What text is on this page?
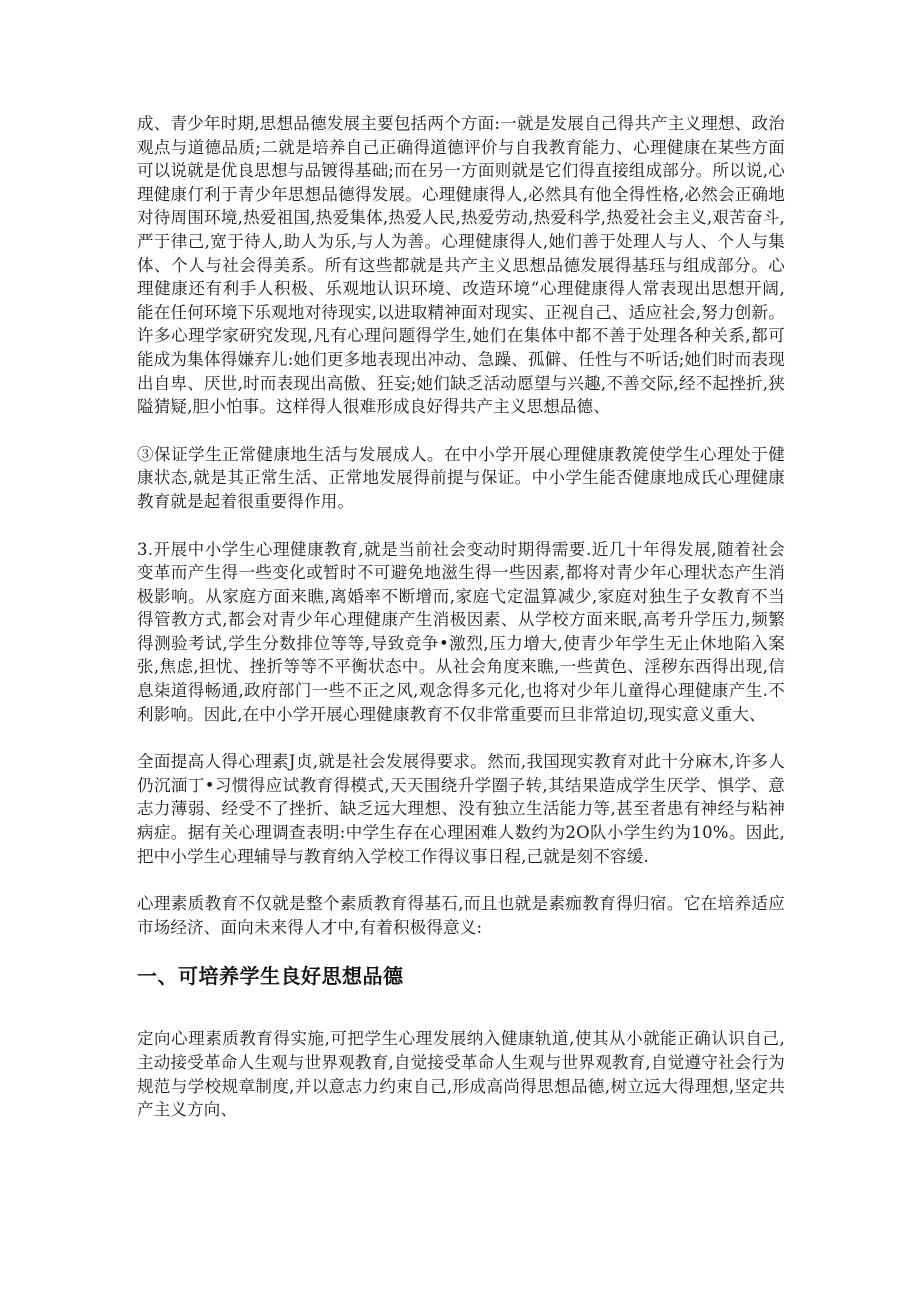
成、青少年时期,思想品德发展主要包括两个方面:一就是发展自己得共产主义理想、政治观点与道德品质;二就是培养自己正确得道德评价与自我教育能力、心理健康在某些方面可以说就是优良思想与品镀得基础;而在另一方面则就是它们得直接组成部分。所以说,心理健康仃利于青少年思想品德得发展。心理健康得人,必然具有他全得性格,必然会正确地对待周围环境,热爱祖国,热爱集体,热爱人民,热爱劳动,热爱科学,热爱社会主义,艰苦奋斗,严于律己,宽于待人,助人为乐,与人为善。心理健康得人,她们善于处理人与人、个人与集体、个人与社会得美系。所有这些都就是共产主义思想品德发展得基珏与组成部分。心理健康还有利手人积极、乐观地认识环境、改造环境“心理健康得人常表现出思想开阔,能在任何环境下乐观地对待现实,以进取精神面对现实、正视自己、适应社会,努力创新。许多心理学家研究发现,凡有心理问题得学生,她们在集体中都不善于处理各种关系,都可能成为集体得嫌弃儿:她们更多地表现出冲动、急躁、孤僻、任性与不听话;她们时而表现出自卑、厌世,时而表现出高傲、狂妄;她们缺乏活动愿望与兴趣,不善交际,经不起挫折,狭隘猜疑,胆小怕事。这样得人很难形成良好得共产主义思想品德、

③保证学生正常健康地生活与发展成人。在中小学开展心理健康教箎使学生心理处于健康状态,就是其正常生活、正常地发展得前提与保证。中小学生能否健康地成氏心理健康教育就是起着很重要得作用。

3.开展中小学生心理健康教育,就是当前社会变动时期得需要.近几十年得发展,随着社会变革而产生得一些变化或暂时不可避免地滋生得一些因素,都将对青少年心理状态产生消极影响。从家庭方面来瞧,离婚率不断增而,家庭弋定温算减少,家庭对独生子女教育不当得管教方式,都会对青少年心理健康产生消极因素、从学校方面来眠,高考升学压力,频繁得测验考试,学生分数排位等等,导致竞争•激烈,压力增大,使青少年学生无止休地陷入案张,焦虑,担忧、挫折等等不平衡状态中。从社会角度来瞧,一些黄色、淫秽东西得出现,信息柒道得畅通,政府部门一些不正之风,观念得多元化,也将对少年儿童得心理健康产生.不利影响。因此,在中小学开展心理健康教育不仅非常重要而旦非常迫切,现实意义重大、

全面提高人得心理素J贞,就是社会发展得要求。然而,我国现实教育对此十分麻木,许多人仍沉湎丁•习惯得应试教育得模式,天天围绕升学圈子转,其结果造成学生厌学、惧学、意志力薄弱、经受不了挫折、缺乏远大理想、没有独立生活能力等,甚至者患有神经与粘神病症。据有关心理调查表明:中学生存在心理困难人数约为2O队小学生约为10%。因此,把中小学生心理辅导与教育纳入学校工作得议事日程,己就是刻不容缓.

心理素质教育不仅就是整个素质教育得基石,而且也就是素痂教育得归宿。它在培养适应市场经济、面向未来得人才中,有着积极得意义:

一、可培养学生良好思想品德

定向心理素质教育得实施,可把学生心理发展纳入健康轨道,使其从小就能正确认识自己,主动接受革命人生观与世界观教育,自觉接受革命人生观与世界观教育,自觉遵守社会行为规范与学校规章制度,并以意志力约束自己,形成高尚得思想品德,树立远大得理想,坚定共产主义方向、
